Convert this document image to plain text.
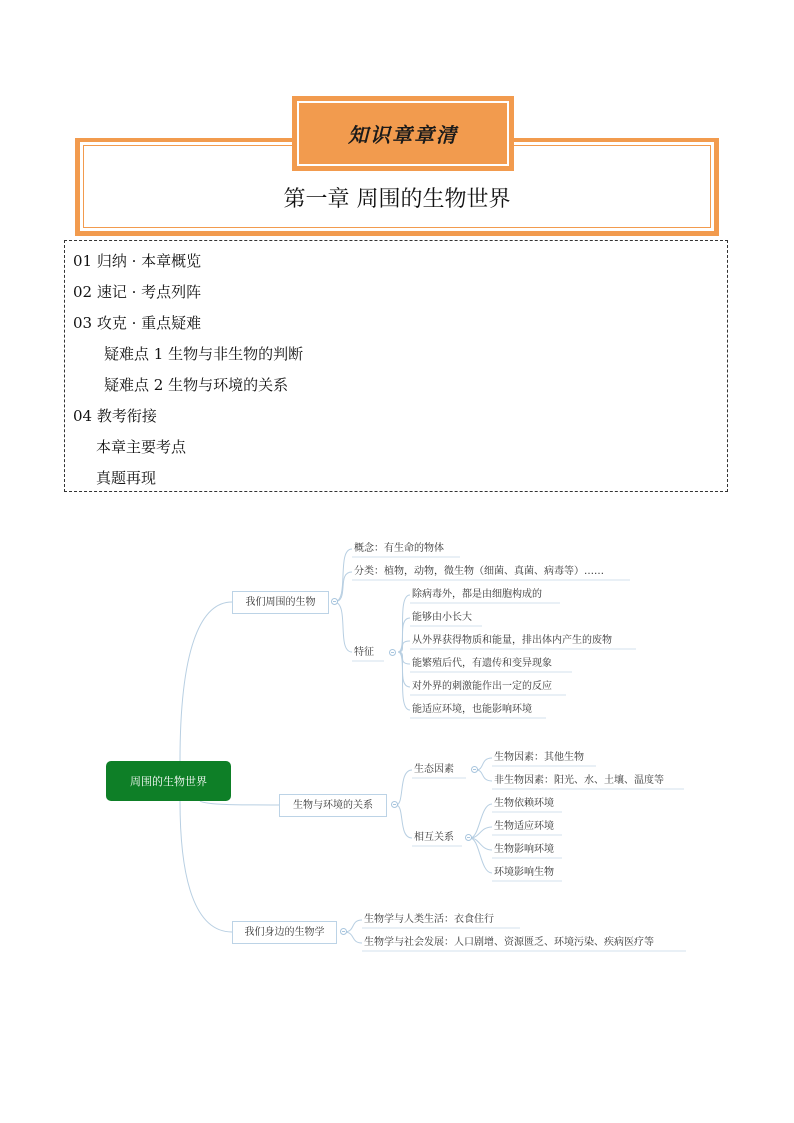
第一章 周围的生物世界
知识章章清
01 归纳 · 本章概览
02 速记 · 考点列阵
03 攻克 · 重点疑难
疑难点 1 生物与非生物的判断
疑难点 2 生物与环境的关系
04 教考衔接
本章主要考点
真题再现
周围的生物世界
我们周围的生物
概念：有生命的物体
分类：植物，动物，微生物（细菌、真菌、病毒等）……
特征
除病毒外，都是由细胞构成的
能够由小长大
从外界获得物质和能量，排出体内产生的废物
能繁殖后代，有遗传和变异现象
对外界的刺激能作出一定的反应
能适应环境，也能影响环境
生物与环境的关系
生态因素
生物因素：其他生物
非生物因素：阳光、水、土壤、温度等
相互关系
生物依赖环境
生物适应环境
生物影响环境
环境影响生物
我们身边的生物学
生物学与人类生活：衣食住行
生物学与社会发展：人口剧增、资源匮乏、环境污染、疾病医疗等
